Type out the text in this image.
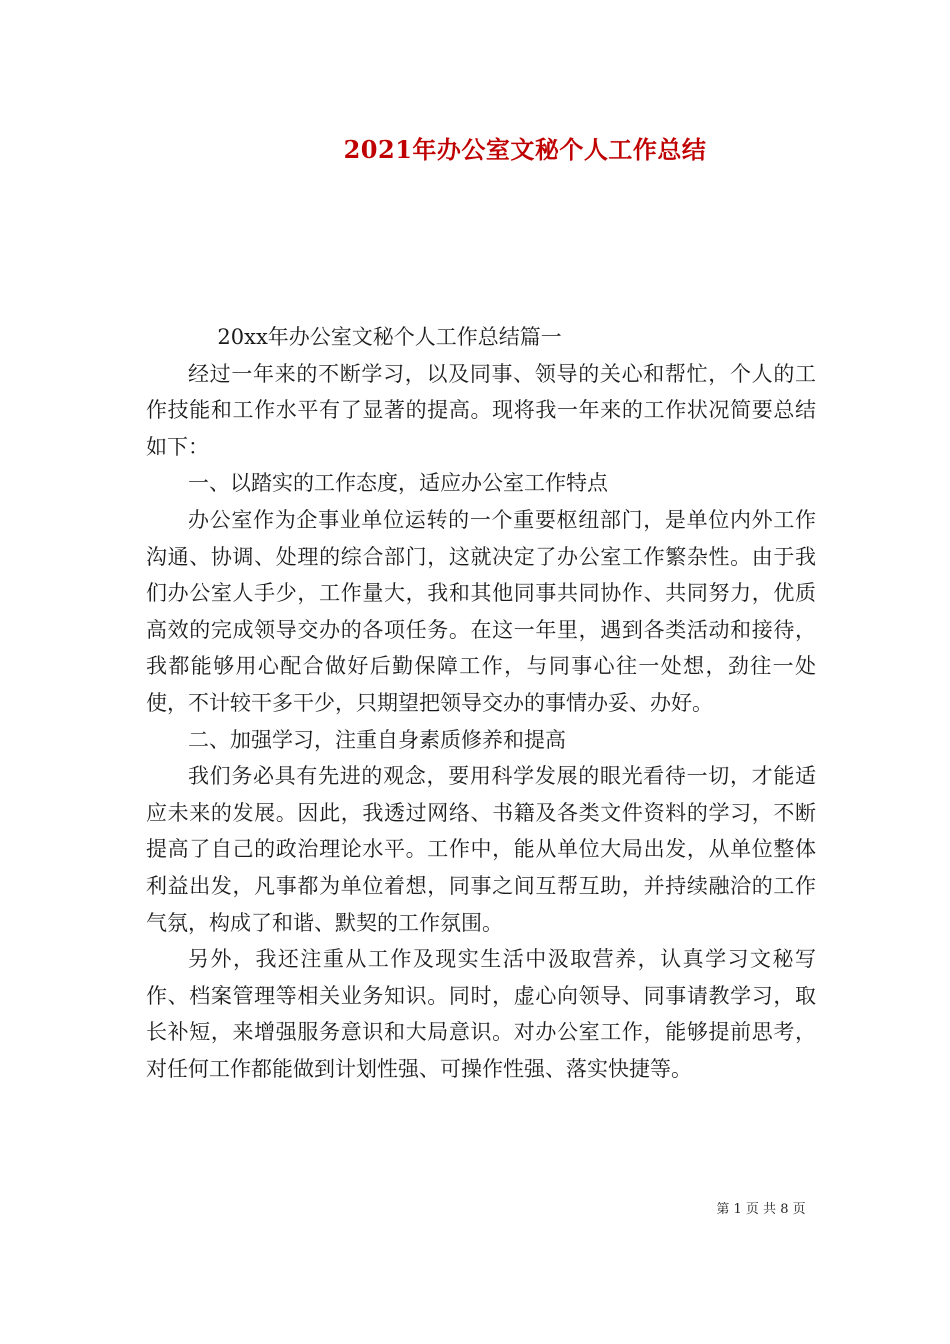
2021年办公室文秘个人工作总结

20xx年办公室文秘个人工作总结篇一

经过一年来的不断学习，以及同事、领导的关心和帮忙，个人的工作技能和工作水平有了显著的提高。现将我一年来的工作状况简要总结如下：

一、以踏实的工作态度，适应办公室工作特点

办公室作为企事业单位运转的一个重要枢纽部门，是单位内外工作沟通、协调、处理的综合部门，这就决定了办公室工作繁杂性。由于我们办公室人手少，工作量大，我和其他同事共同协作、共同努力，优质高效的完成领导交办的各项任务。在这一年里，遇到各类活动和接待，我都能够用心配合做好后勤保障工作，与同事心往一处想，劲往一处使，不计较干多干少，只期望把领导交办的事情办妥、办好。

二、加强学习，注重自身素质修养和提高

我们务必具有先进的观念，要用科学发展的眼光看待一切，才能适应未来的发展。因此，我透过网络、书籍及各类文件资料的学习，不断提高了自己的政治理论水平。工作中，能从单位大局出发，从单位整体利益出发，凡事都为单位着想，同事之间互帮互助，并持续融洽的工作气氛，构成了和谐、默契的工作氛围。

另外，我还注重从工作及现实生活中汲取营养，认真学习文秘写作、档案管理等相关业务知识。同时，虚心向领导、同事请教学习，取长补短，来增强服务意识和大局意识。对办公室工作，能够提前思考，对任何工作都能做到计划性强、可操作性强、落实快捷等。

第 1 页 共 8 页
